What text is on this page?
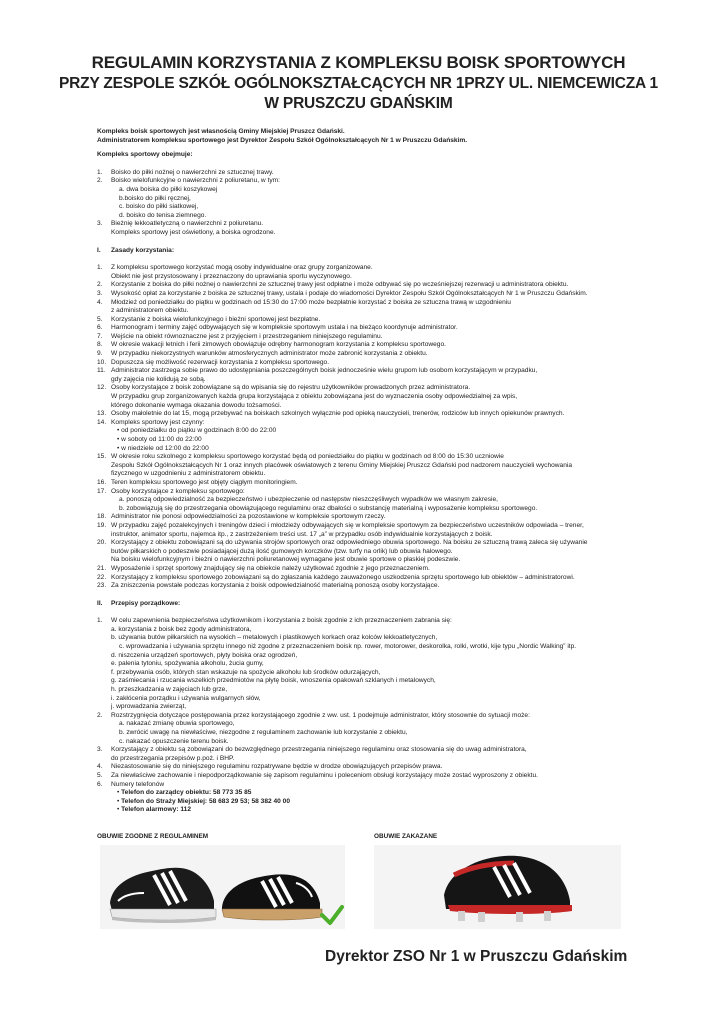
REGULAMIN KORZYSTANIA Z KOMPLEKSU BOISK SPORTOWYCH
PRZY ZESPOLE SZKÓŁ OGÓLNOKSZTAŁCĄCYCH NR 1PRZY UL. NIEMCEWICZA 1
W PRUSZCZU GDAŃSKIM

Kompleks boisk sportowych jest własnością Gminy Miejskiej Pruszcz Gdański.

Administratorem kompleksu sportowego jest Dyrektor Zespołu Szkół Ogólnokształcących Nr 1 w Pruszczu Gdańskim.

Kompleks sportowy obejmuje:

1. Boisko do piłki nożnej o nawierzchni ze sztucznej trawy.

2. Boisko wielofunkcyjne o nawierzchni z poliuretanu, w tym:

a. dwa boiska do piłki koszykowej

b.boisko do piłki ręcznej,

c. boisko do piłki siatkowej,

d. boisko do tenisa ziemnego.

3. Bieżnię lekkoatletyczną o nawierzchni z poliuretanu.

Kompleks sportowy jest oświetlony, a boiska ogrodzone.

I. Zasady korzystania:

1. Z kompleksu sportowego korzystać mogą osoby indywidualne oraz grupy zorganizowane.

Obiekt nie jest przystosowany i przeznaczony do uprawiania sportu wyczynowego.

2. Korzystanie z boiska do piłki nożnej o nawierzchni ze sztucznej trawy jest odpłatne i może odbywać się po wcześniejszej rezerwacji u administratora obiektu.

3. Wysokość opłat za korzystanie z boiska ze sztucznej trawy, ustala i podaje do wiadomości Dyrektor Zespołu Szkół Ogólnokształcących Nr 1 w Pruszczu Gdańskim.

4. Młodzież od poniedziałku do piątku w godzinach od 15:30 do 17:00 może bezpłatnie korzystać z boiska ze sztuczna trawą w uzgodnieniu

z administratorem obiektu.

5. Korzystanie z boiska wielofunkcyjnego i bieżni sportowej jest bezpłatne.

6. Harmonogram i terminy zajęć odbywających się w kompleksie sportowym ustala i na bieżąco koordynuje administrator.

7. Wejście na obiekt równoznaczne jest z przyjęciem i przestrzeganiem niniejszego regulaminu.

8. W okresie wakacji letnich i ferii zimowych obowiązuje odrębny harmonogram korzystania z kompleksu sportowego.

9. W przypadku niekorzystnych warunków atmosferycznych administrator może zabronić korzystania z obiektu.

10. Dopuszcza się możliwość rezerwacji korzystania z kompleksu sportowego.

11. Administrator zastrzega sobie prawo do udostępniania poszczególnych boisk jednocześnie wielu grupom lub osobom korzystającym w przypadku,

gdy zajęcia nie kolidują ze sobą.

12. Osoby korzystające z boisk zobowiązane są do wpisania się do rejestru użytkowników prowadzonych przez administratora.

W przypadku grup zorganizowanych każda grupa korzystająca z obiektu zobowiązana jest do wyznaczenia osoby odpowiedzialnej za wpis,

którego dokonanie wymaga okazania dowodu tożsamości.

13. Osoby małoletnie do lat 15, mogą przebywać na boiskach szkolnych wyłącznie pod opieką nauczycieli, trenerów, rodziców lub innych opiekunów prawnych.

14. Kompleks sportowy jest czynny:

• od poniedziałku do piątku w godzinach 8:00 do 22:00

• w soboty od 11:00 do 22:00

• w niedziele od 12:00 do 22:00

15. W okresie roku szkolnego z kompleksu sportowego korzystać będą od poniedziałku do piątku w godzinach od 8:00 do 15:30 uczniowie

Zespołu Szkół Ogólnokształcących Nr 1 oraz innych placówek oświatowych z terenu Gminy Miejskiej Pruszcz Gdański pod nadzorem nauczycieli wychowania

fizycznego w uzgodnieniu z administratorem obiektu.

16. Teren kompleksu sportowego jest objęty ciągłym monitoringiem.

17. Osoby korzystające z kompleksu sportowego:

a. ponoszą odpowiedzialność za bezpieczeństwo i ubezpieczenie od następstw nieszczęśliwych wypadków we własnym zakresie,

b. zobowiązują się do przestrzegania obowiązującego regulaminu oraz dbałości o substancję materialną i wyposażenie kompleksu sportowego.

18. Administrator nie ponosi odpowiedzialności za pozostawione w kompleksie sportowym rzeczy.

19. W przypadku zajęć pozalekcyjnych i treningów dzieci i młodzieży odbywających się w kompleksie sportowym za bezpieczeństwo uczestników odpowiada – trener,

instruktor, animator sportu, najemca itp., z zastrzeżeniem treści ust. 17 „a” w przypadku osób indywidualnie korzystających z boisk.

20. Korzystający z obiektu zobowiązani są do używania strojów sportowych oraz odpowiedniego obuwia sportowego. Na boisku ze sztuczną trawą zaleca się używanie

butów piłkarskich o podeszwie posiadającej dużą ilość gumowych korczków (tzw. turfy na orlik) lub obuwia halowego.

Na boisku wielofunkcyjnym i bieżni o nawierzchni poliuretanowej wymagane jest obuwie sportowe o płaskiej podeszwie.

21. Wyposażenie i sprzęt sportowy znajdujący się na obiekcie należy użytkować zgodnie z jego przeznaczeniem.

22. Korzystający z kompleksu sportowego zobowiązani są do zgłaszania każdego zauważonego uszkodzenia sprzętu sportowego lub obiektów – administratorowi.

23. Za zniszczenia powstałe podczas korzystania z boisk odpowiedzialność materialną ponoszą osoby korzystające.

II. Przepisy porządkowe:

1. W celu zapewnienia bezpieczeństwa użytkownikom i korzystania z boisk zgodnie z ich przeznaczeniem zabrania się:

a. korzystania z boisk bez zgody administratora,

b. używania butów piłkarskich na wysokich – metalowych i plastikowych korkach oraz kolców lekkoatletycznych,

c. wprowadzania i używania sprzętu innego niż zgodne z przeznaczeniem boisk np. rower, motorower, deskorolka, rolki, wrotki, kije typu „Nordic Walking” itp.

d. niszczenia urządzeń sportowych, płyty boiska oraz ogrodzeń,

e. palenia tytoniu, spożywania alkoholu, żucia gumy,

f. przebywania osób, których stan wskazuje na spożycie alkoholu lub środków odurzających,

g. zaśmiecania i rzucania wszelkich przedmiotów na płytę boisk, wnoszenia opakowań szklanych i metalowych,

h. przeszkadzania w zajęciach lub grze,

i. zakłócenia porządku i używania wulgarnych słów,

j. wprowadzania zwierząt,

2. Rozstrzygnięcia dotyczące postępowania przez korzystającego zgodnie z ww. ust. 1 podejmuje administrator, który stosownie do sytuacji może:

a. nakazać zmianę obuwia sportowego,

b. zwrócić uwagę na niewłaściwe, niezgodne z regulaminem zachowanie lub korzystanie z obiektu,

c. nakazać opuszczenie terenu boisk.

3. Korzystający z obiektu są zobowiązani do bezwzględnego przestrzegania niniejszego regulaminu oraz stosowania się do uwag administratora,

do przestrzegania przepisów p.poż. i BHP.

4. Niezastosowanie się do niniejszego regulaminu rozpatrywane będzie w drodze obowiązujących przepisów prawa.

5. Za niewłaściwe zachowanie i niepodporządkowanie się zapisom regulaminu i poleceniom obsługi korzystający może zostać wyproszony z obiektu.

6. Numery telefonów

• Telefon do zarządcy obiektu: 58 773 35 85

• Telefon do Straży Miejskiej: 58 683 29 53; 58 382 40 00

• Telefon alarmowy: 112

OBUWIE ZGODNE Z REGULAMINEM	OBUWIE ZAKAZANE
Dyrektor ZSO Nr 1 w Pruszczu Gdańskim
